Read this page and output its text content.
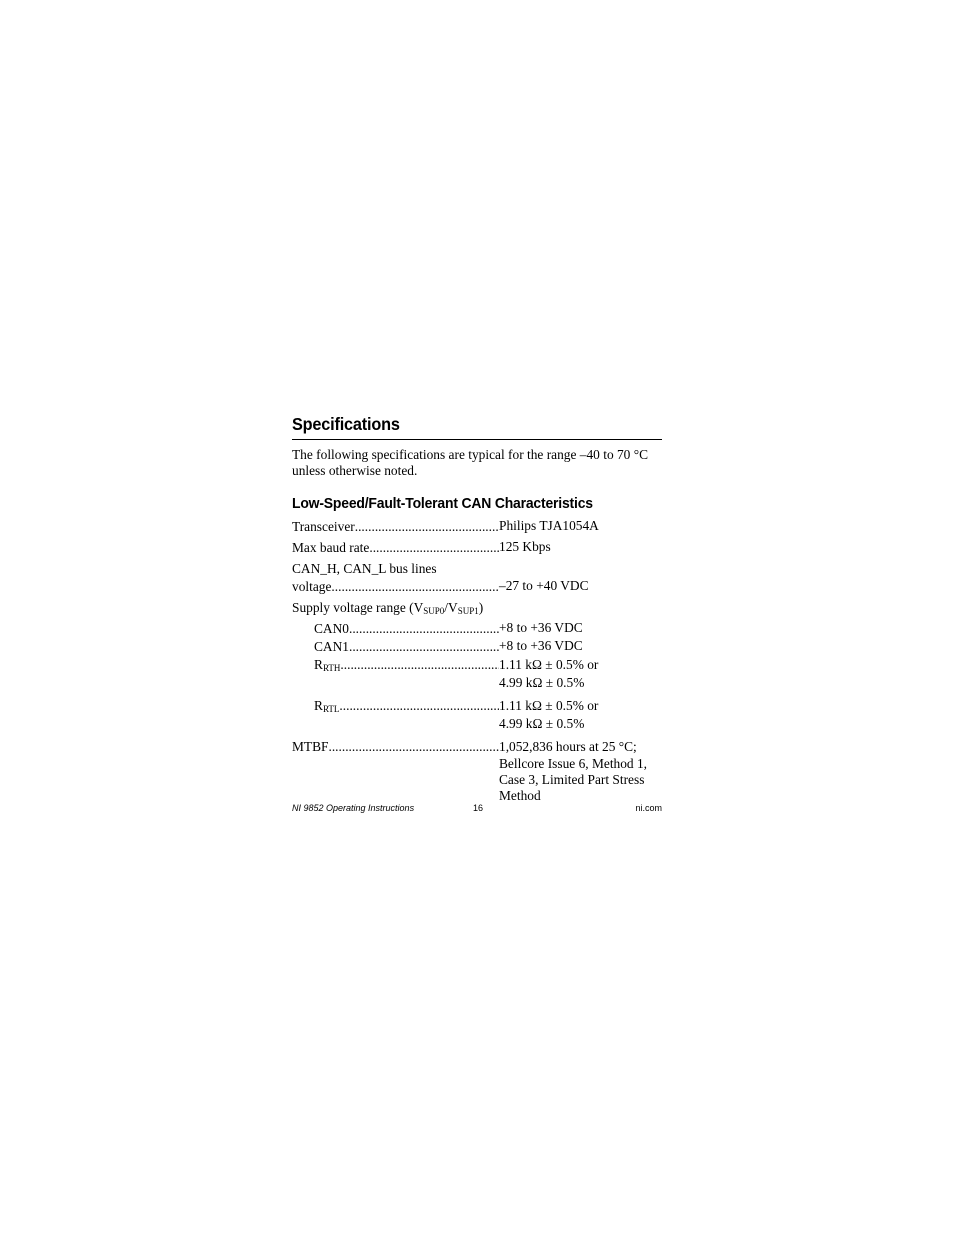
Specifications

The following specifications are typical for the range –40 to 70 °C unless otherwise noted.

Low-Speed/Fault-Tolerant CAN Characteristics
Transceiver .....	Philips TJA1054A
Max baud rate .....	125 Kbps
CAN_H, CAN_L bus lines
voltage .....	–27 to +40 VDC
Supply voltage range $(V_{SUP0}/V_{SUP1})$
CAN0 .....	+8 to +36 VDC
CAN1 .....	+8 to +36 VDC
$R_{RTH}$ .....	1.11 kΩ ± 0.5% or
4.99 kΩ ± 0.5%
$R_{RTL}$ .....	1.11 kΩ ± 0.5% or
4.99 kΩ ± 0.5%
MTBF .....	1,052,836 hours at 25 °C;
Bellcore Issue 6, Method 1,
Case 3, Limited Part Stress
Method
NI 9852 Operating Instructions	16	ni.com
